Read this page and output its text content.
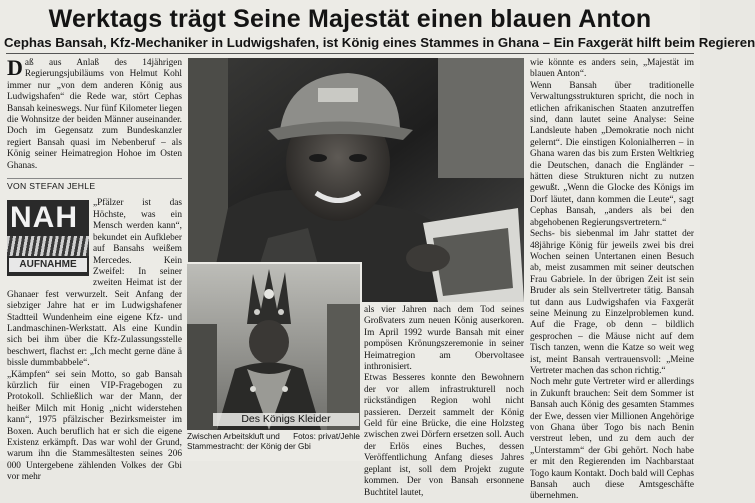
Werktags trägt Seine Majestät einen blauen Anton
Cephas Bansah, Kfz-Mechaniker in Ludwigshafen, ist König eines Stammes in Ghana – Ein Faxgerät hilft beim Regieren

Daß aus Anlaß des 14jährigen Regierungsjubiläums von Helmut Kohl immer nur „von dem anderen König aus Ludwigshafen“ die Rede war, stört Cephas Bansah keineswegs. Nur fünf Kilometer liegen die Wohnsitze der beiden Männer auseinander. Doch im Gegensatz zum Bundeskanzler regiert Bansah quasi im Nebenberuf – als König seiner Heimatregion Hohoe im Osten Ghanas.

VON STEFAN JEHLE

NAH
AUFNAHME
„Pfälzer ist das Höchste, was ein Mensch werden kann“, bekundet ein Aufkleber auf Bansahs weißem Mercedes. Kein Zweifel: In seiner zweiten Heimat ist der Ghanaer fest verwurzelt. Seit Anfang der siebziger Jahre hat er im Ludwigshafener Stadtteil Wundenheim eine eigene Kfz- und Landmaschinen-Werkstatt. Als eine Kundin sich bei ihm über die Kfz-Zulassungsstelle beschwert, flachst er: „Ich mecht gerne däne ä bissle dummbabbele“.

„Kämpfen“ sei sein Motto, so gab Bansah kürzlich für einen VIP-Fragebogen zu Protokoll. Schließlich war der Mann, der heißer Milch mit Honig „nicht widerstehen kann“, 1975 pfälzischer Bezirksmeister im Boxen. Auch beruflich hat er sich die eigene Existenz erkämpft. Das war wohl der Grund, warum ihn die Stammesältesten seines 206 000 Untergebene zählenden Volkes der Gbi vor mehr

Des Königs Kleider
Fotos: privat/Jehle
Zwischen Arbeitskluft und Stammestracht: der König der Gbi

als vier Jahren nach dem Tod seines Großvaters zum neuen König auserkoren. Im April 1992 wurde Bansah mit einer pompösen Krönungszeremonie in seiner Heimatregion am Obervoltasee inthronisiert.

Etwas Besseres konnte den Bewohnern der vor allem infrastrukturell noch rückständigen Region wohl nicht passieren. Derzeit sammelt der König Geld für eine Brücke, die eine Holzsteg zwischen zwei Dörfern ersetzen soll. Auch der Erlös eines Buches, dessen Veröffentlichung Anfang dieses Jahres geplant ist, soll dem Projekt zugute kommen. Der von Bansah ersonnene Buchtitel lautet,

wie könnte es anders sein, „Majestät im blauen Anton“.

Wenn Bansah über traditionelle Verwaltungsstrukturen spricht, die noch in etlichen afrikanischen Staaten anzutreffen sind, dann lautet seine Analyse: Seine Landsleute haben „Demokratie noch nicht gelernt“. Die einstigen Kolonialherren – in Ghana waren das bis zum Ersten Weltkrieg die Deutschen, danach die Engländer – hätten diese Strukturen nicht zu nutzen gewußt. „Wenn die Glocke des Königs im Dorf läutet, dann kommen die Leute“, sagt Cephas Bansah, „anders als bei den abgehobenen Regierungsvertretern.“

Sechs- bis siebenmal im Jahr stattet der 48jährige König für jeweils zwei bis drei Wochen seinen Untertanen einen Besuch ab, meist zusammen mit seiner deutschen Frau Gabriele. In der übrigen Zeit ist sein Bruder als sein Stellvertreter tätig. Bansah tut dann aus Ludwigshafen via Faxgerät seine Meinung zu Einzelproblemen kund. Auf die Frage, ob denn – bildlich gesprochen – die Mäuse nicht auf dem Tisch tanzen, wenn die Katze so weit weg ist, meint Bansah vertrauensvoll: „Meine Vertreter machen das schon richtig.“

Noch mehr gute Vertreter wird er allerdings in Zukunft brauchen: Seit dem Sommer ist Bansah auch König des gesamten Stammes der Ewe, dessen vier Millionen Angehörige von Ghana über Togo bis nach Benin verstreut leben, und zu dem auch der „Unterstamm“ der Gbi gehört. Noch habe er mit den Regierenden im Nachbarstaat Togo kaum Kontakt. Doch bald will Cephas Bansah auch diese Amtsgeschäfte übernehmen.
